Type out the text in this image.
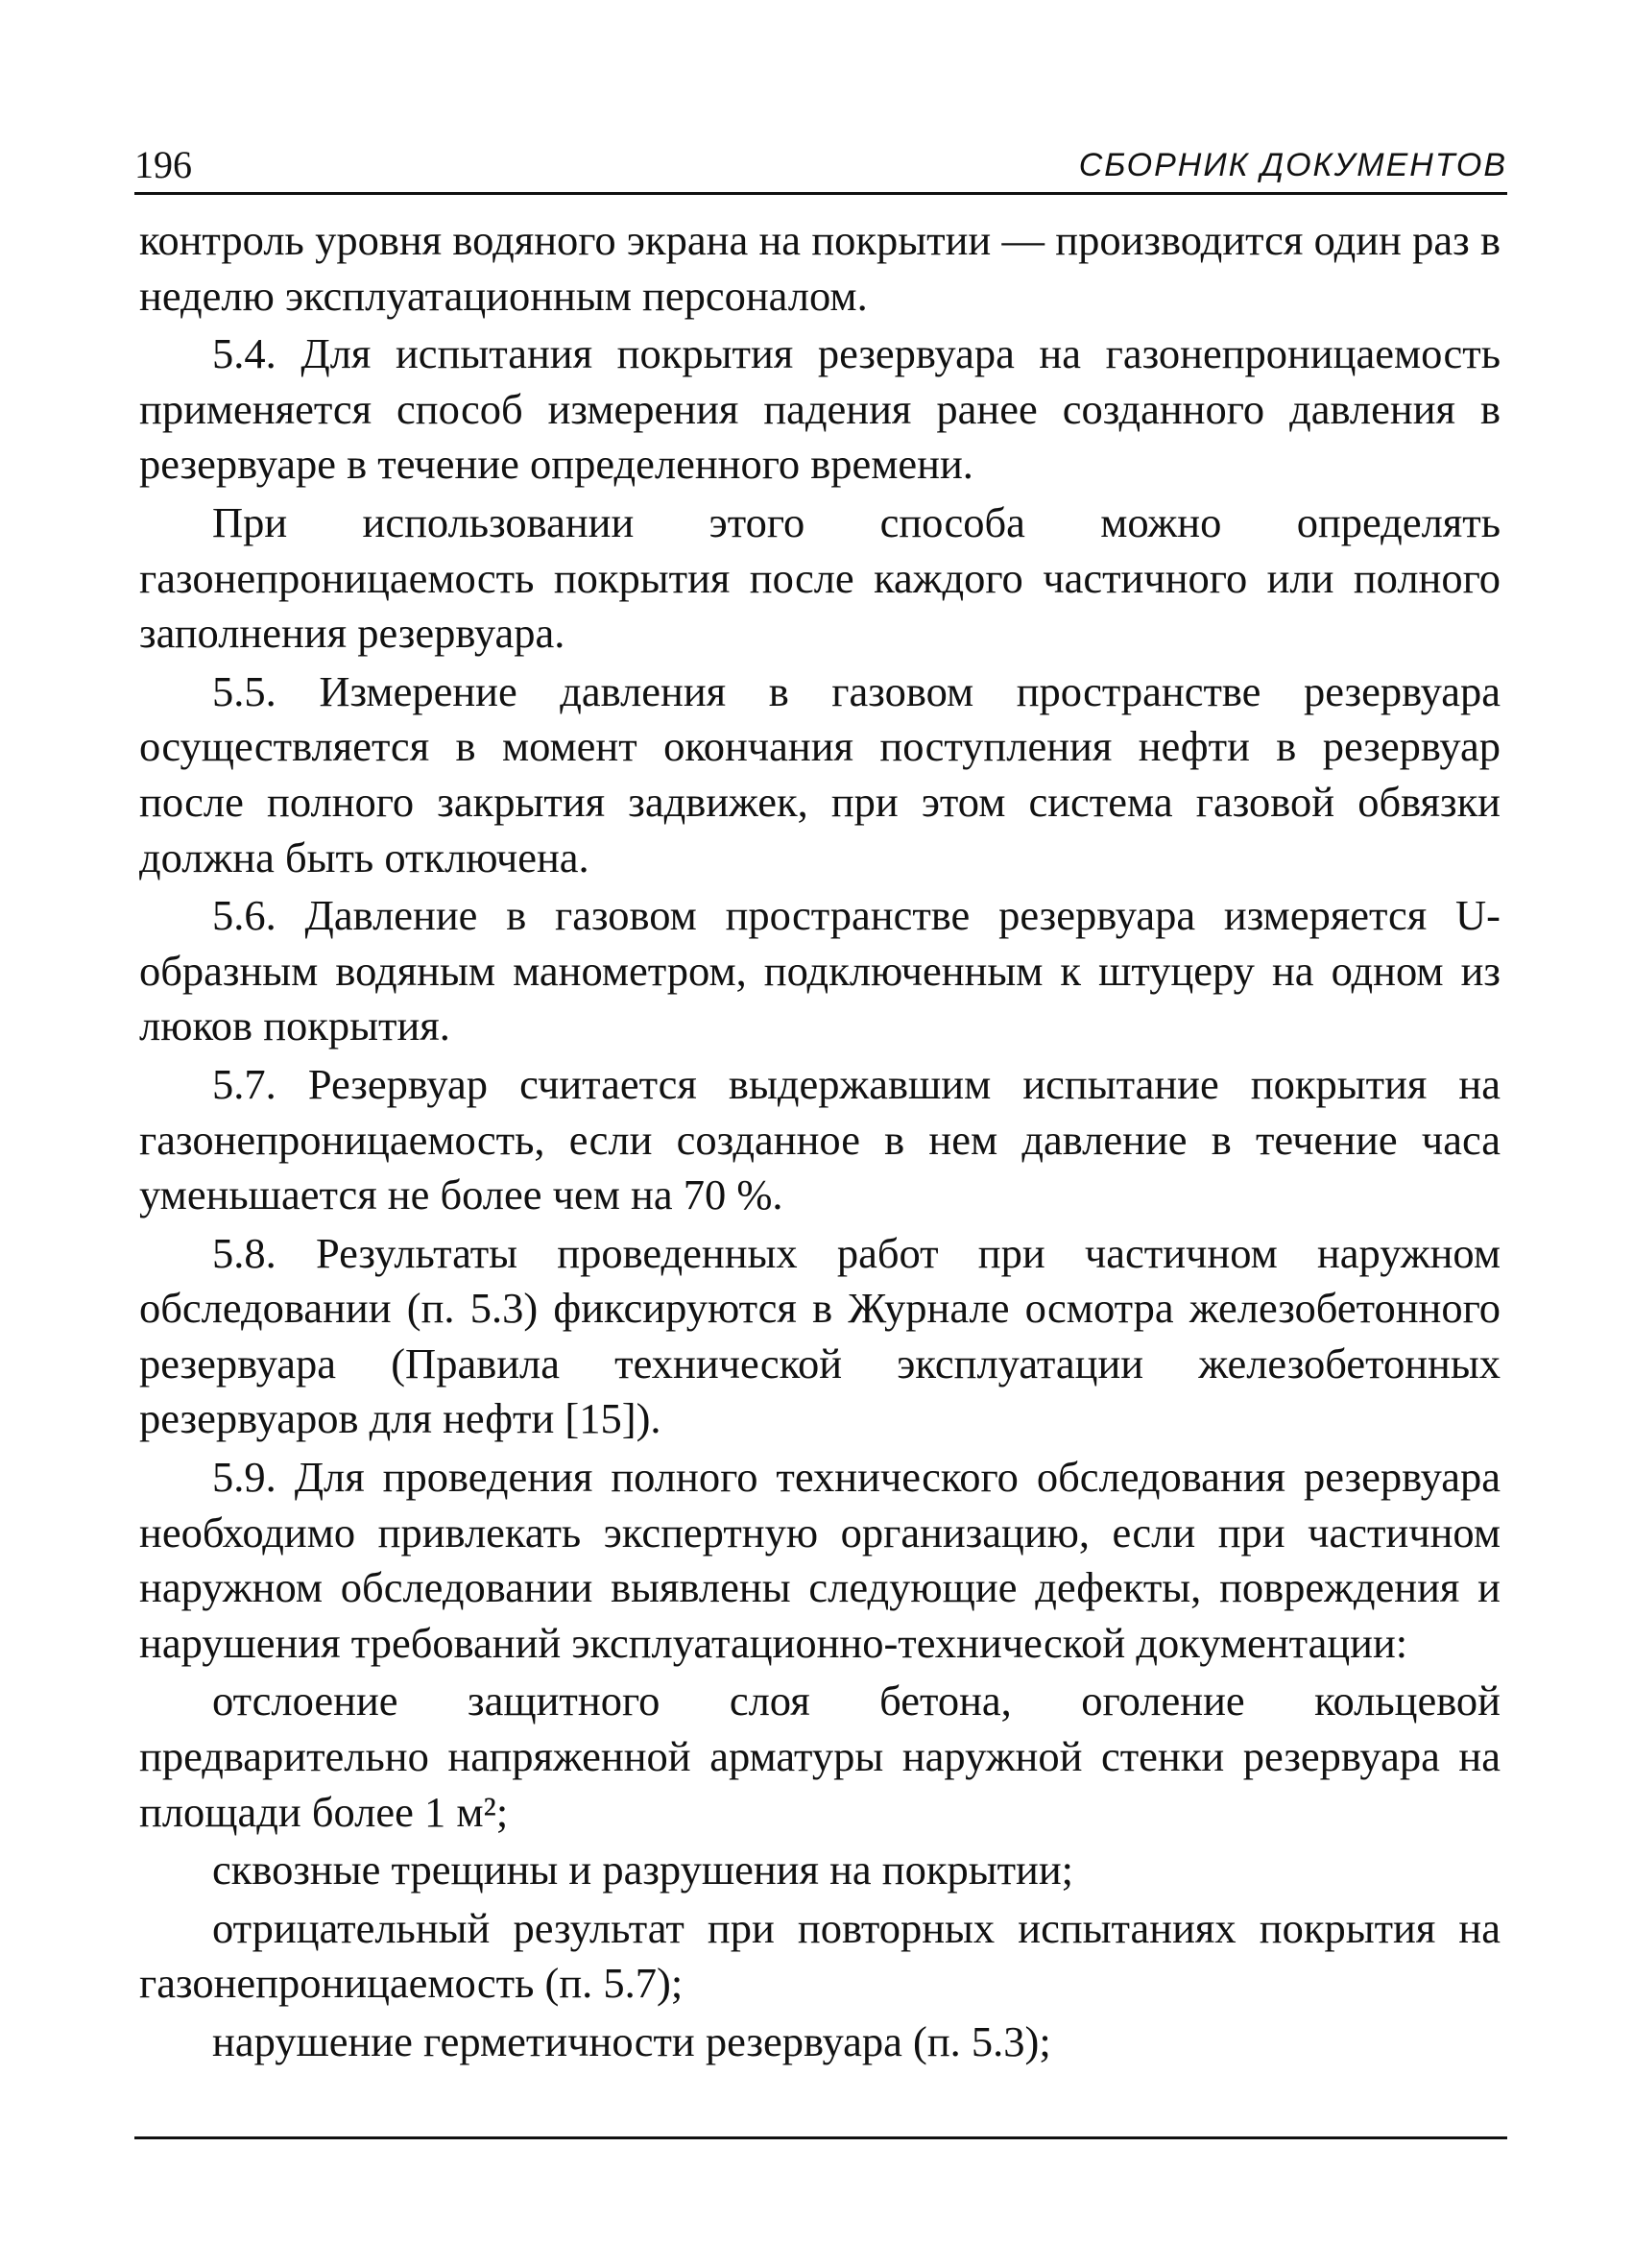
196	СБОРНИК ДОКУМЕНТОВ

контроль уровня водяного экрана на покрытии — производится один раз в неделю эксплуатационным персоналом.

5.4. Для испытания покрытия резервуара на газонепроницаемость применяется способ измерения падения ранее созданного давления в резервуаре в течение определенного времени.

При использовании этого способа можно определять газонепроницаемость покрытия после каждого частичного или полного заполнения резервуара.

5.5. Измерение давления в газовом пространстве резервуара осуществляется в момент окончания поступления нефти в резервуар после полного закрытия задвижек, при этом система газовой обвязки должна быть отключена.

5.6. Давление в газовом пространстве резервуара измеряется U-образным водяным манометром, подключенным к штуцеру на одном из люков покрытия.

5.7. Резервуар считается выдержавшим испытание покрытия на газонепроницаемость, если созданное в нем давление в течение часа уменьшается не более чем на 70 %.

5.8. Результаты проведенных работ при частичном наружном обследовании (п. 5.3) фиксируются в Журнале осмотра железобетонного резервуара (Правила технической эксплуатации железобетонных резервуаров для нефти [15]).

5.9. Для проведения полного технического обследования резервуара необходимо привлекать экспертную организацию, если при частичном наружном обследовании выявлены следующие дефекты, повреждения и нарушения требований эксплуатационно-технической документации:

отслоение защитного слоя бетона, оголение кольцевой предварительно напряженной арматуры наружной стенки резервуара на площади более 1 м²;

сквозные трещины и разрушения на покрытии;

отрицательный результат при повторных испытаниях покрытия на газонепроницаемость (п. 5.7);

нарушение герметичности резервуара (п. 5.3);
